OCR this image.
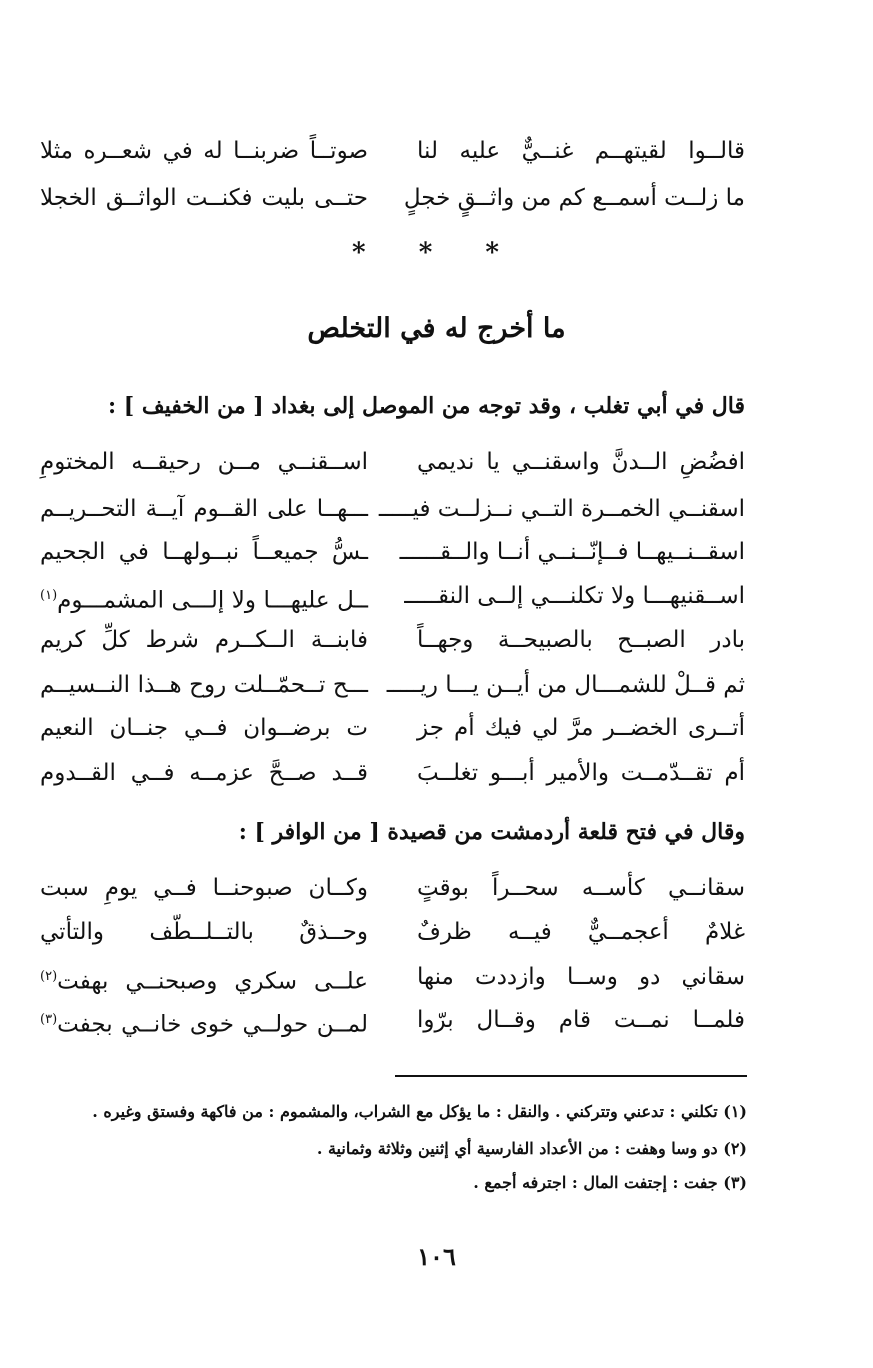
قالــوا لقيتهــم غنــيٌّ عليه لنا
صوتــاً ضربنــا له في شعــره مثلا
ما زلــت أسمــع كم من واثــقٍ خجلٍ
حتــى بليت فكنــت الواثــق الخجلا
* * *
ما أخرج له في التخلص
قال في أبي تغلب ، وقد توجه من الموصل إلى بغداد [ من الخفيف ] :
افضُضِ الــدنَّ واسقنــي يا نديمي
اســقنــي مــن رحيقــه المختومِ
اسقنــي الخمــرة التــي نــزلــت فيـــــ
ـــهــا على القــوم آيــة التحــريــم
اسقــنــيهــا فــإنّــنــي أنــا والــقــــــ
ـسُّ جميعــاً نبــولهــا في الجحيم
اســقنيهـــا ولا تكلنـــي إلــى النقـــــ
ــل عليهـــا ولا إلـــى المشمـــوم$^{(١)}$
بادر الصبــح بالصبيحــة وجهــاً
فابنــة الــكــرم شرط كلِّ كريم
ثم قــلْ للشمـــال من أيــن يـــا ريـــــ
ـــح تــحمّــلت روح هــذا النــسيــم
أتــرى الخضــر مرَّ لي فيك أم جز
ت برضــوان فــي جنــان النعيم
أم تقــدّمــت والأمير أبـــو تغلــبَ
قــد صــحَّ عزمــه فــي القــدوم
وقال في فتح قلعة أردمشت من قصيدة [ من الوافر ] :
سقانــي كأســه سحــراً بوقتٍ
وكــان صبوحنــا فــي يومِ سبت
غلامٌ أعجمــيٌّ فيــه ظرفٌ
وحــذقٌ بالتــلــطّف والتأتي
سقاني دو وســا وازددت منها
علــى سكري وصبحنــي بهفت$^{(٢)}$
فلمــا نمــت قام وقــال برّوا
لمــن حولــي خوى خانــي بجفت$^{(٣)}$
(١) تكلني : تدعني وتتركني . والنقل : ما يؤكل مع الشراب، والمشموم : من فاكهة وفستق وغيره .
(٢) دو وسا وهفت : من الأعداد الفارسية أي إثنين وثلاثة وثمانية .
(٣) جفت : إجتفت المال : اجترفه أجمع .
١٠٦
